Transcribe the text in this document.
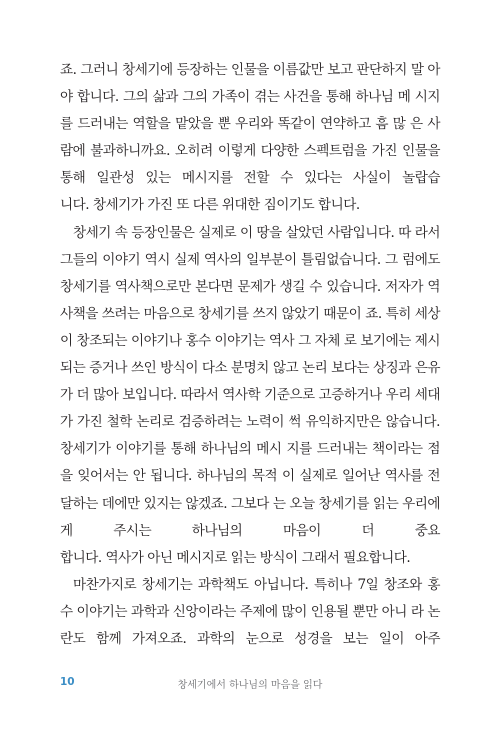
죠. 그러니 창세기에 등장하는 인물을 이름값만 보고 판단하지 말 아야 합니다. 그의 삶과 그의 가족이 겪는 사건을 통해 하나님 메 시지를 드러내는 역할을 맡았을 뿐 우리와 똑같이 연약하고 흠 많 은 사람에 불과하니까요. 오히려 이렇게 다양한 스펙트럼을 가진 인물을 통해 일관성 있는 메시지를 전할 수 있다는 사실이 놀랍습

니다. 창세기가 가진 또 다른 위대한 짐이기도 합니다.

창세기 속 등장인물은 실제로 이 땅을 살았던 사람입니다. 따 라서 그들의 이야기 역시 실제 역사의 일부분이 틀림없습니다. 그 럼에도 창세기를 역사책으로만 본다면 문제가 생길 수 있습니다. 저자가 역사책을 쓰려는 마음으로 창세기를 쓰지 않았기 때문이 죠. 특히 세상이 창조되는 이야기나 홍수 이야기는 역사 그 자체 로 보기에는 제시되는 증거나 쓰인 방식이 다소 분명치 않고 논리 보다는 상징과 은유가 더 많아 보입니다. 따라서 역사학 기준으로 고증하거나 우리 세대가 가진 철학 논리로 검증하려는 노력이 썩 유익하지만은 않습니다. 창세기가 이야기를 통해 하나님의 메시 지를 드러내는 책이라는 점을 잊어서는 안 됩니다. 하나님의 목적 이 실제로 일어난 역사를 전달하는 데에만 있지는 않겠죠. 그보다 는 오늘 창세기를 읽는 우리에게 주시는 하나님의 마음이 더 중요

합니다. 역사가 아닌 메시지로 읽는 방식이 그래서 필요합니다.

마찬가지로 창세기는 과학책도 아닙니다. 특히나 7일 창조와 홍수 이야기는 과학과 신앙이라는 주제에 많이 인용될 뿐만 아니 라 논란도 함께 가져오죠. 과학의 눈으로 성경을 보는 일이 아주

10	창세기에서 하나님의 마음을 읽다
